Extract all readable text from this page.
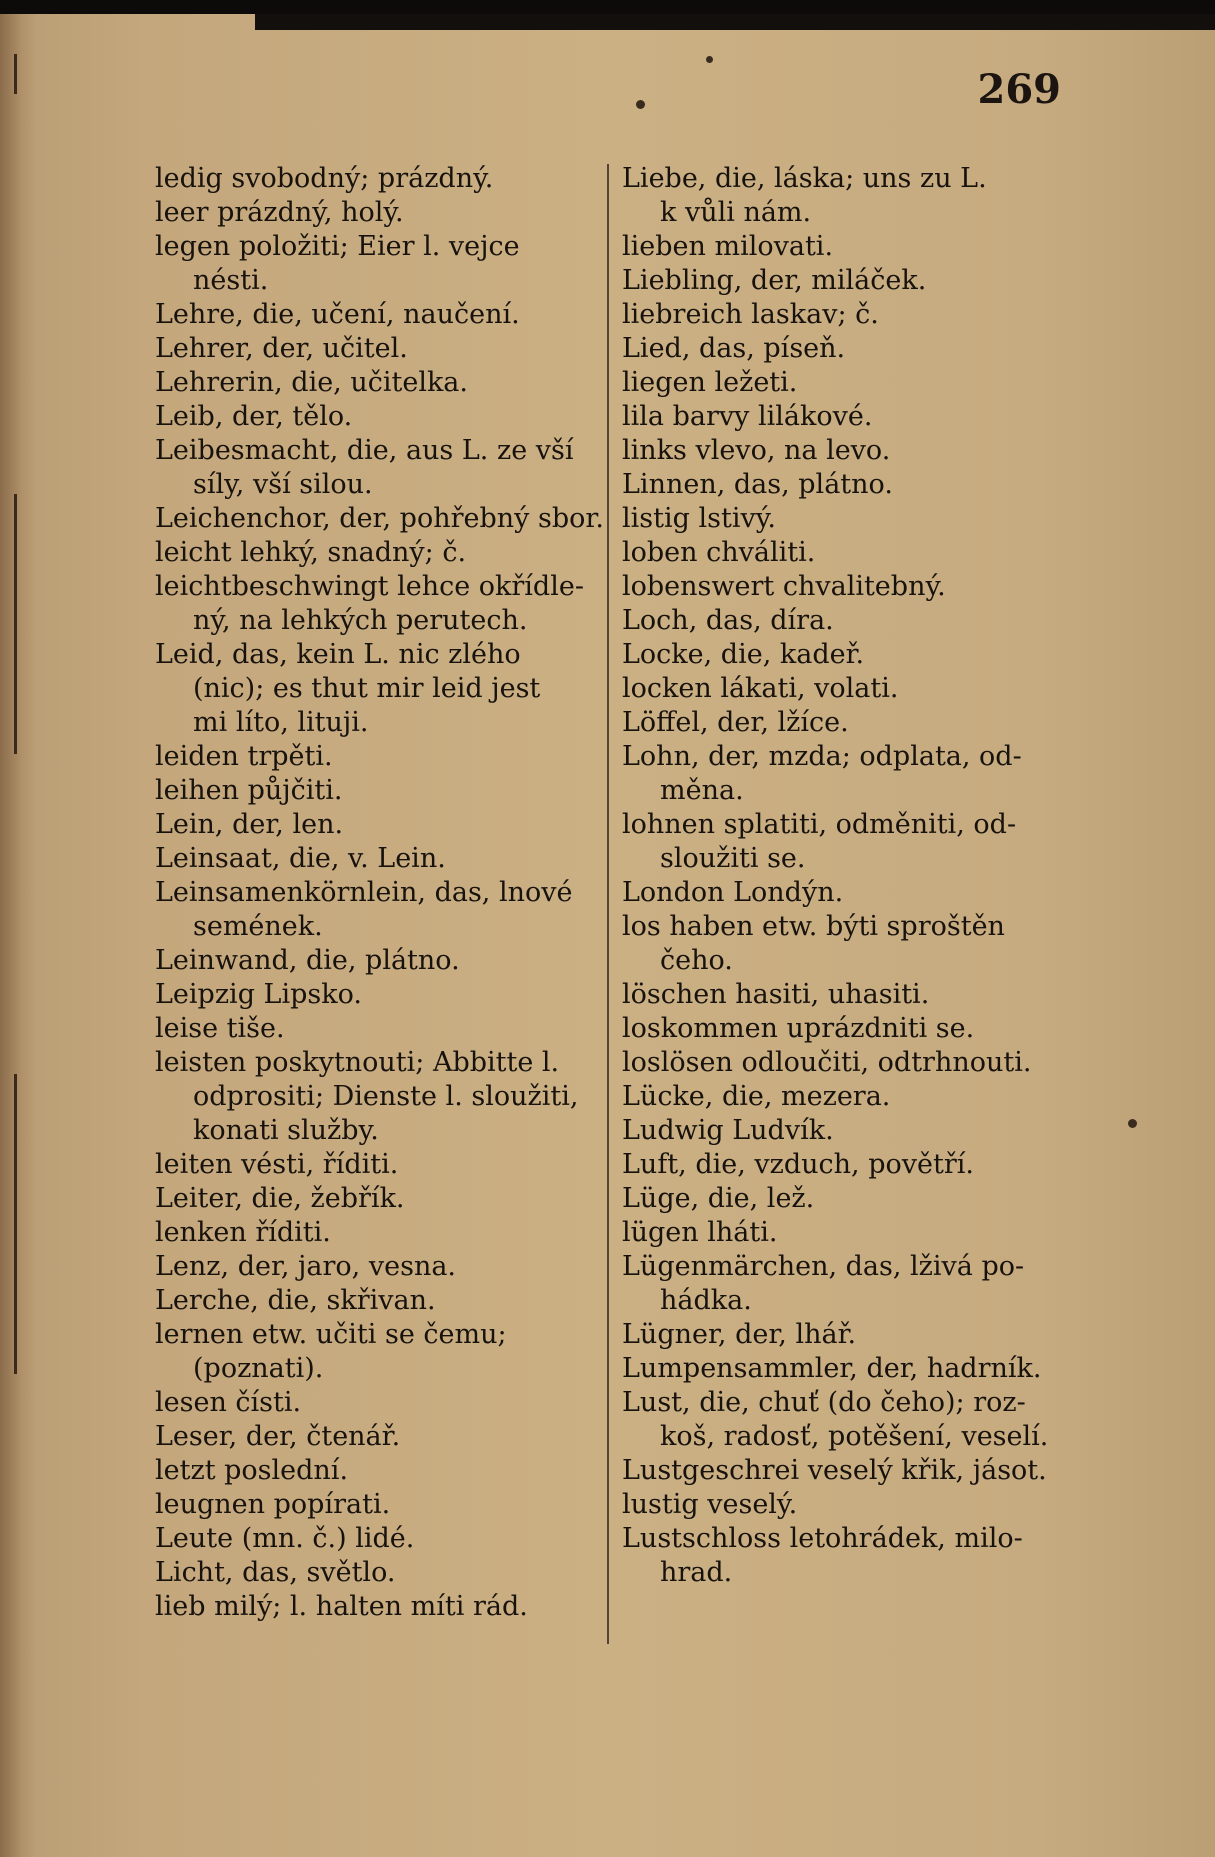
269
ledig svobodný; prázdný.
leer prázdný, holý.
legen položiti; Eier l. vejce
nésti.
Lehre, die, učení, naučení.
Lehrer, der, učitel.
Lehrerin, die, učitelka.
Leib, der, tělo.
Leibesmacht, die, aus L. ze vší
síly, vší silou.
Leichenchor, der, pohřebný sbor.
leicht lehký, snadný; č.
leichtbeschwingt lehce okřídle-
ný, na lehkých perutech.
Leid, das, kein L. nic zlého
(nic); es thut mir leid jest
mi líto, lituji.
leiden trpěti.
leihen půjčiti.
Lein, der, len.
Leinsaat, die, v. Lein.
Leinsamenkörnlein, das, lnové
semének.
Leinwand, die, plátno.
Leipzig Lipsko.
leise tiše.
leisten poskytnouti; Abbitte l.
odprositi; Dienste l. sloužiti,
konati služby.
leiten vésti, říditi.
Leiter, die, žebřík.
lenken říditi.
Lenz, der, jaro, vesna.
Lerche, die, skřivan.
lernen etw. učiti se čemu;
(poznati).
lesen čísti.
Leser, der, čtenář.
letzt poslední.
leugnen popírati.
Leute (mn. č.) lidé.
Licht, das, světlo.
lieb milý; l. halten míti rád.
Liebe, die, láska; uns zu L.
k vůli nám.
lieben milovati.
Liebling, der, miláček.
liebreich laskav; č.
Lied, das, píseň.
liegen ležeti.
lila barvy lilákové.
links vlevo, na levo.
Linnen, das, plátno.
listig lstivý.
loben chváliti.
lobenswert chvalitebný.
Loch, das, díra.
Locke, die, kadeř.
locken lákati, volati.
Löffel, der, lžíce.
Lohn, der, mzda; odplata, od-
měna.
lohnen splatiti, odměniti, od-
sloužiti se.
London Londýn.
los haben etw. býti sproštěn
čeho.
löschen hasiti, uhasiti.
loskommen uprázdniti se.
loslösen odloučiti, odtrhnouti.
Lücke, die, mezera.
Ludwig Ludvík.
Luft, die, vzduch, povětří.
Lüge, die, lež.
lügen lháti.
Lügenmärchen, das, lživá po-
hádka.
Lügner, der, lhář.
Lumpensammler, der, hadrník.
Lust, die, chuť (do čeho); roz-
koš, radosť, potěšení, veselí.
Lustgeschrei veselý křik, jásot.
lustig veselý.
Lustschloss letohrádek, milo-
hrad.
